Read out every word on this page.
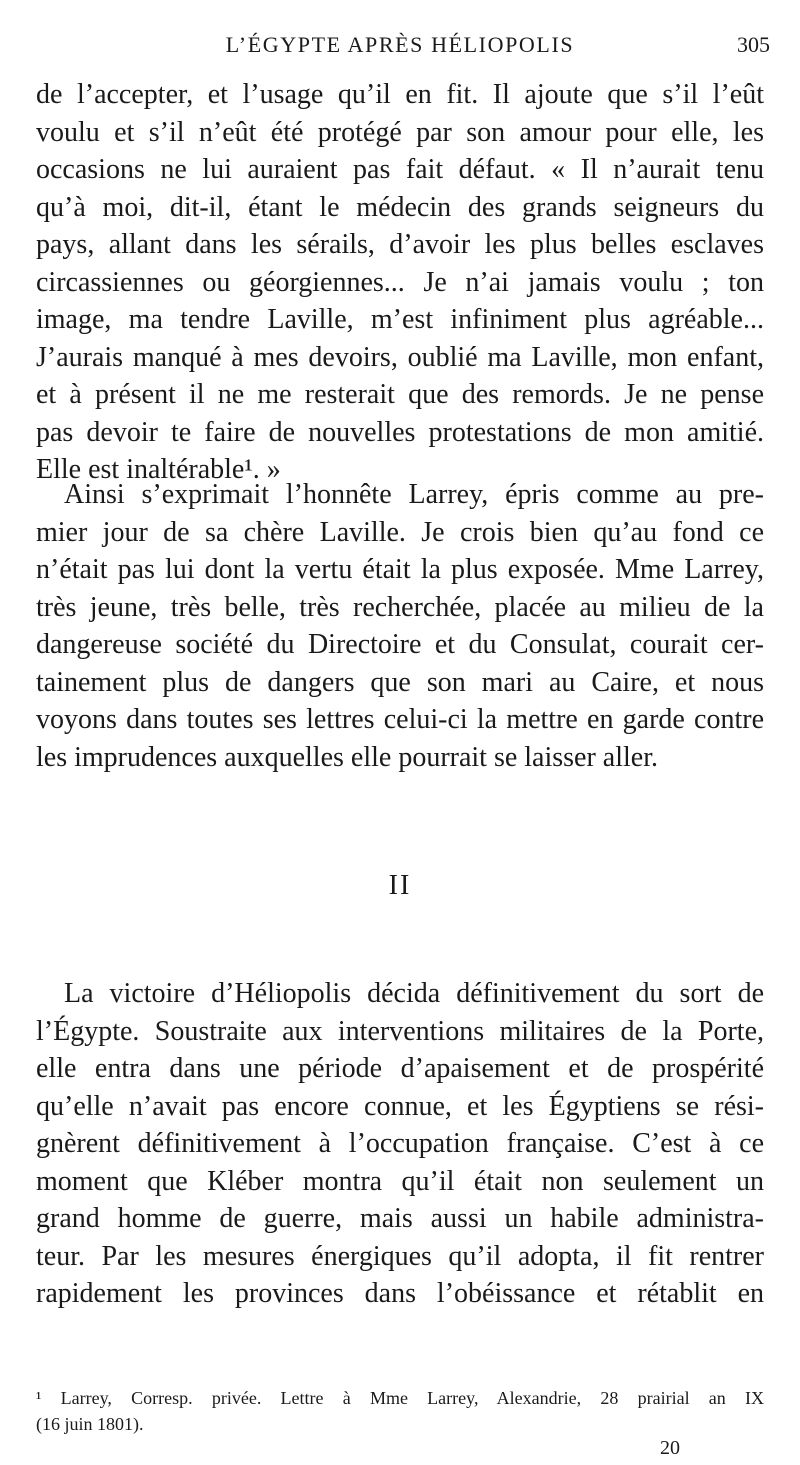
L’ÉGYPTE APRÈS HÉLIOPOLIS	305
de l’accepter, et l’usage qu’il en fit. Il ajoute que s’il l’eût
voulu et s’il n’eût été protégé par son amour pour elle, les
occasions ne lui auraient pas fait défaut. « Il n’aurait tenu
qu’à moi, dit-il, étant le médecin des grands seigneurs du
pays, allant dans les sérails, d’avoir les plus belles esclaves
circassiennes ou géorgiennes... Je n’ai jamais voulu ; ton
image, ma tendre Laville, m’est infiniment plus agréable...
J’aurais manqué à mes devoirs, oublié ma Laville, mon enfant,
et à présent il ne me resterait que des remords. Je ne pense
pas devoir te faire de nouvelles protestations de mon amitié.
Elle est inaltérable¹. »
Ainsi s’exprimait l’honnête Larrey, épris comme au pre-
mier jour de sa chère Laville. Je crois bien qu’au fond ce
n’était pas lui dont la vertu était la plus exposée. Mme Larrey,
très jeune, très belle, très recherchée, placée au milieu de la
dangereuse société du Directoire et du Consulat, courait cer-
tainement plus de dangers que son mari au Caire, et nous
voyons dans toutes ses lettres celui-ci la mettre en garde contre
les imprudences auxquelles elle pourrait se laisser aller.
II
La victoire d’Héliopolis décida définitivement du sort de
l’Égypte. Soustraite aux interventions militaires de la Porte,
elle entra dans une période d’apaisement et de prospérité
qu’elle n’avait pas encore connue, et les Égyptiens se rési-
gnèrent définitivement à l’occupation française. C’est à ce
moment que Kléber montra qu’il était non seulement un
grand homme de guerre, mais aussi un habile administra-
teur. Par les mesures énergiques qu’il adopta, il fit rentrer
rapidement les provinces dans l’obéissance et rétablit en
¹ Larrey, Corresp. privée. Lettre à Mme Larrey, Alexandrie, 28 prairial an IX
(16 juin 1801).
20
